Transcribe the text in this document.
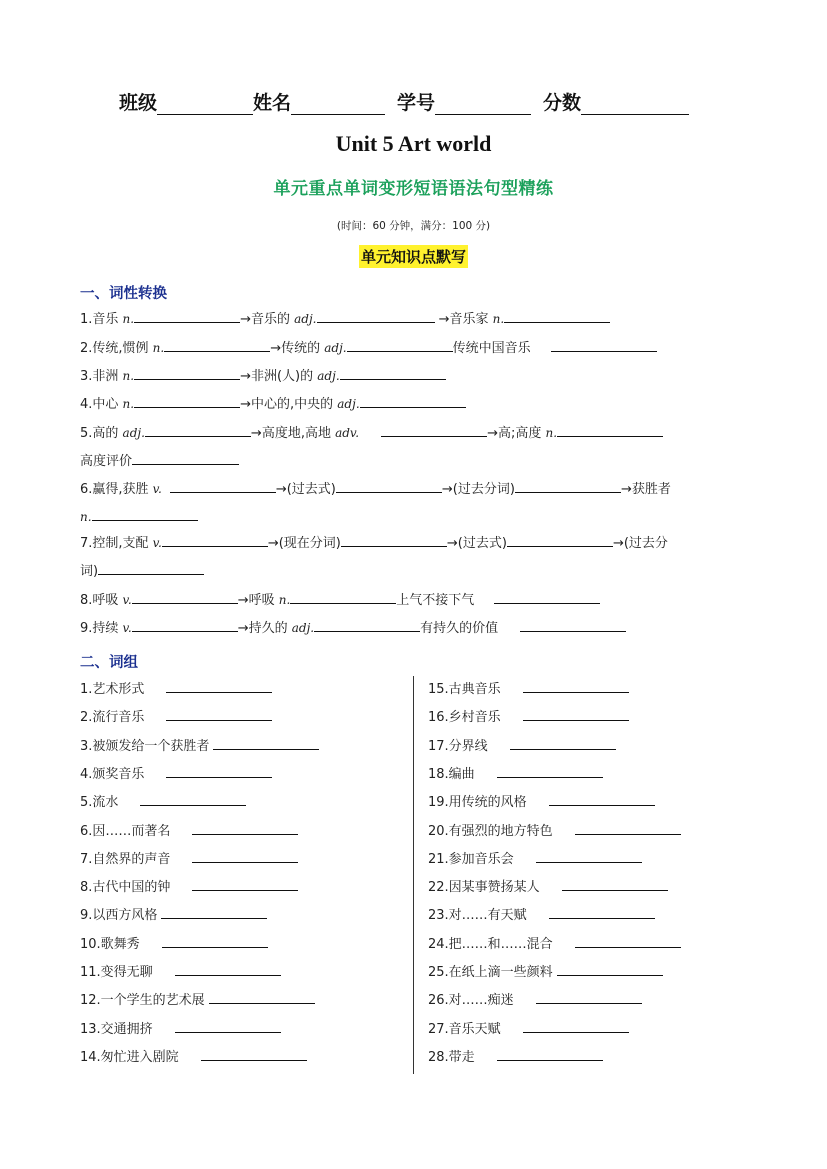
班级	姓名	学号	分数
Unit 5 Art world
单元重点单词变形短语语法句型精练
(时间：60 分钟，满分：100 分)
单元知识点默写
一、词性转换
1.音乐 n.	→音乐的 adj.	→音乐家 n.
2.传统,惯例 n.	→传统的 adj.	传统中国音乐
3.非洲 n.	→非洲(人)的 adj.
4.中心 n.	→中心的,中央的 adj.
5.高的 adj.	→高度地,高地 adv.	→高;高度 n.
高度评价
6.赢得,获胜 v.	→(过去式)	→(过去分词)	→获胜者
n.
7.控制,支配 v.	→(现在分词)	→(过去式)	→(过去分
词)
8.呼吸 v.	→呼吸 n.	上气不接下气
9.持续 v.	→持久的 adj.	有持久的价值
二、词组
1.艺术形式
2.流行音乐
3.被颁发给一个获胜者
4.颁奖音乐
5.流水
6.因……而著名
7.自然界的声音
8.古代中国的钟
9.以西方风格
10.歌舞秀
11.变得无聊
12.一个学生的艺术展
13.交通拥挤
14.匆忙进入剧院
15.古典音乐
16.乡村音乐
17.分界线
18.编曲
19.用传统的风格
20.有强烈的地方特色
21.参加音乐会
22.因某事赞扬某人
23.对……有天赋
24.把……和……混合
25.在纸上滴一些颜料
26.对……痴迷
27.音乐天赋
28.带走
